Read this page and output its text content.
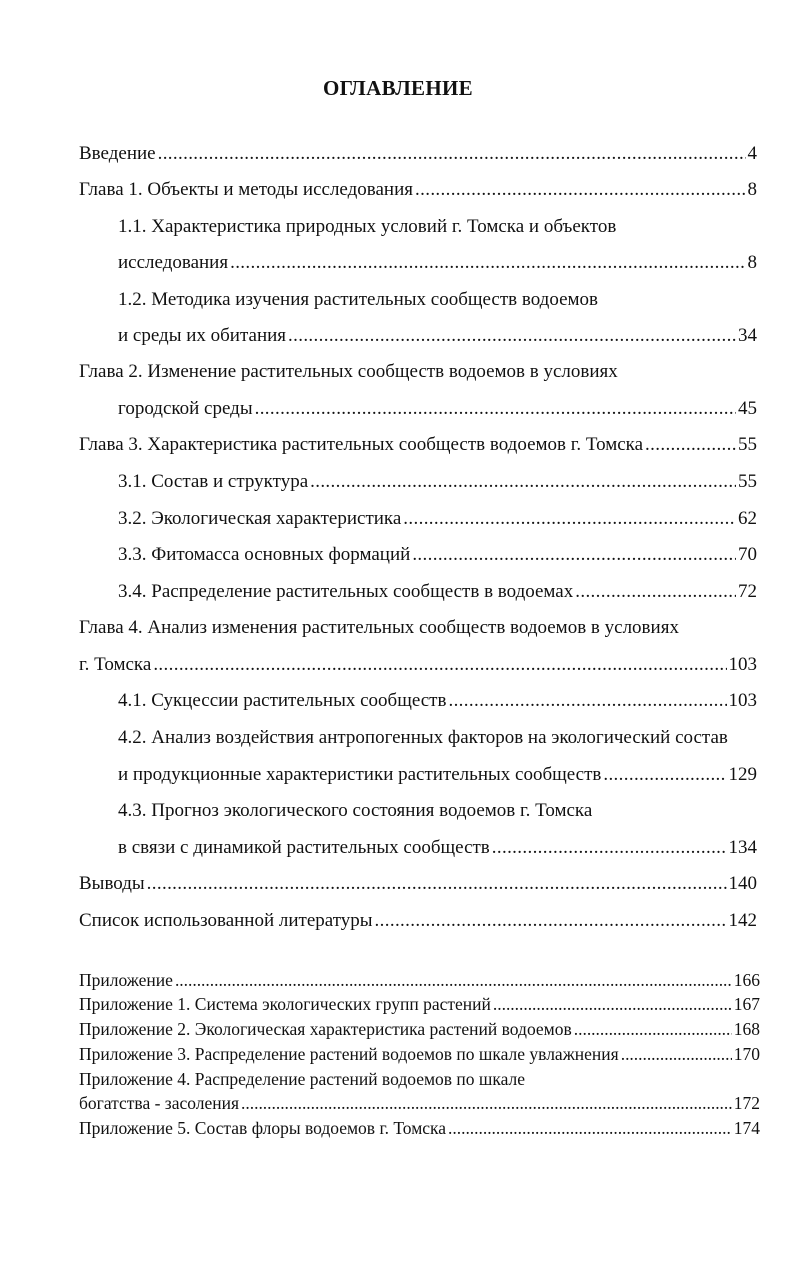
ОГЛАВЛЕНИЕ
Введение . . .	4
Глава 1. Объекты и методы исследования . . .	8
1.1. Характеристика природных условий г. Томска и объектов
исследования . . .	8
1.2. Методика изучения растительных сообществ водоемов
и среды их обитания . . .	34
Глава 2. Изменение растительных сообществ водоемов в условиях
городской среды . . .	45
Глава 3. Характеристика растительных сообществ водоемов г. Томска . . .	55
3.1. Состав и структура . . .	55
3.2. Экологическая характеристика . . .	62
3.3. Фитомасса основных формаций . . .	70
3.4. Распределение растительных сообществ в водоемах . . .	72
Глава 4. Анализ изменения растительных сообществ водоемов в условиях
г. Томска . . .	103
4.1. Сукцессии растительных сообществ . . .	103
4.2. Анализ воздействия антропогенных факторов на экологический состав
и продукционные характеристики растительных сообществ . . .	129
4.3. Прогноз экологического состояния водоемов г. Томска
в связи с динамикой растительных сообществ . . .	134
Выводы . . .	140
Список использованной литературы . . .	142
Приложение . . .	166
Приложение 1. Система экологических групп растений . . .	167
Приложение 2. Экологическая характеристика растений водоемов . . .	168
Приложение 3. Распределение растений водоемов по шкале увлажнения . . .	170
Приложение 4. Распределение растений водоемов по шкале
богатства - засоления . . .	172
Приложение 5. Состав флоры водоемов г. Томска . . .	174
